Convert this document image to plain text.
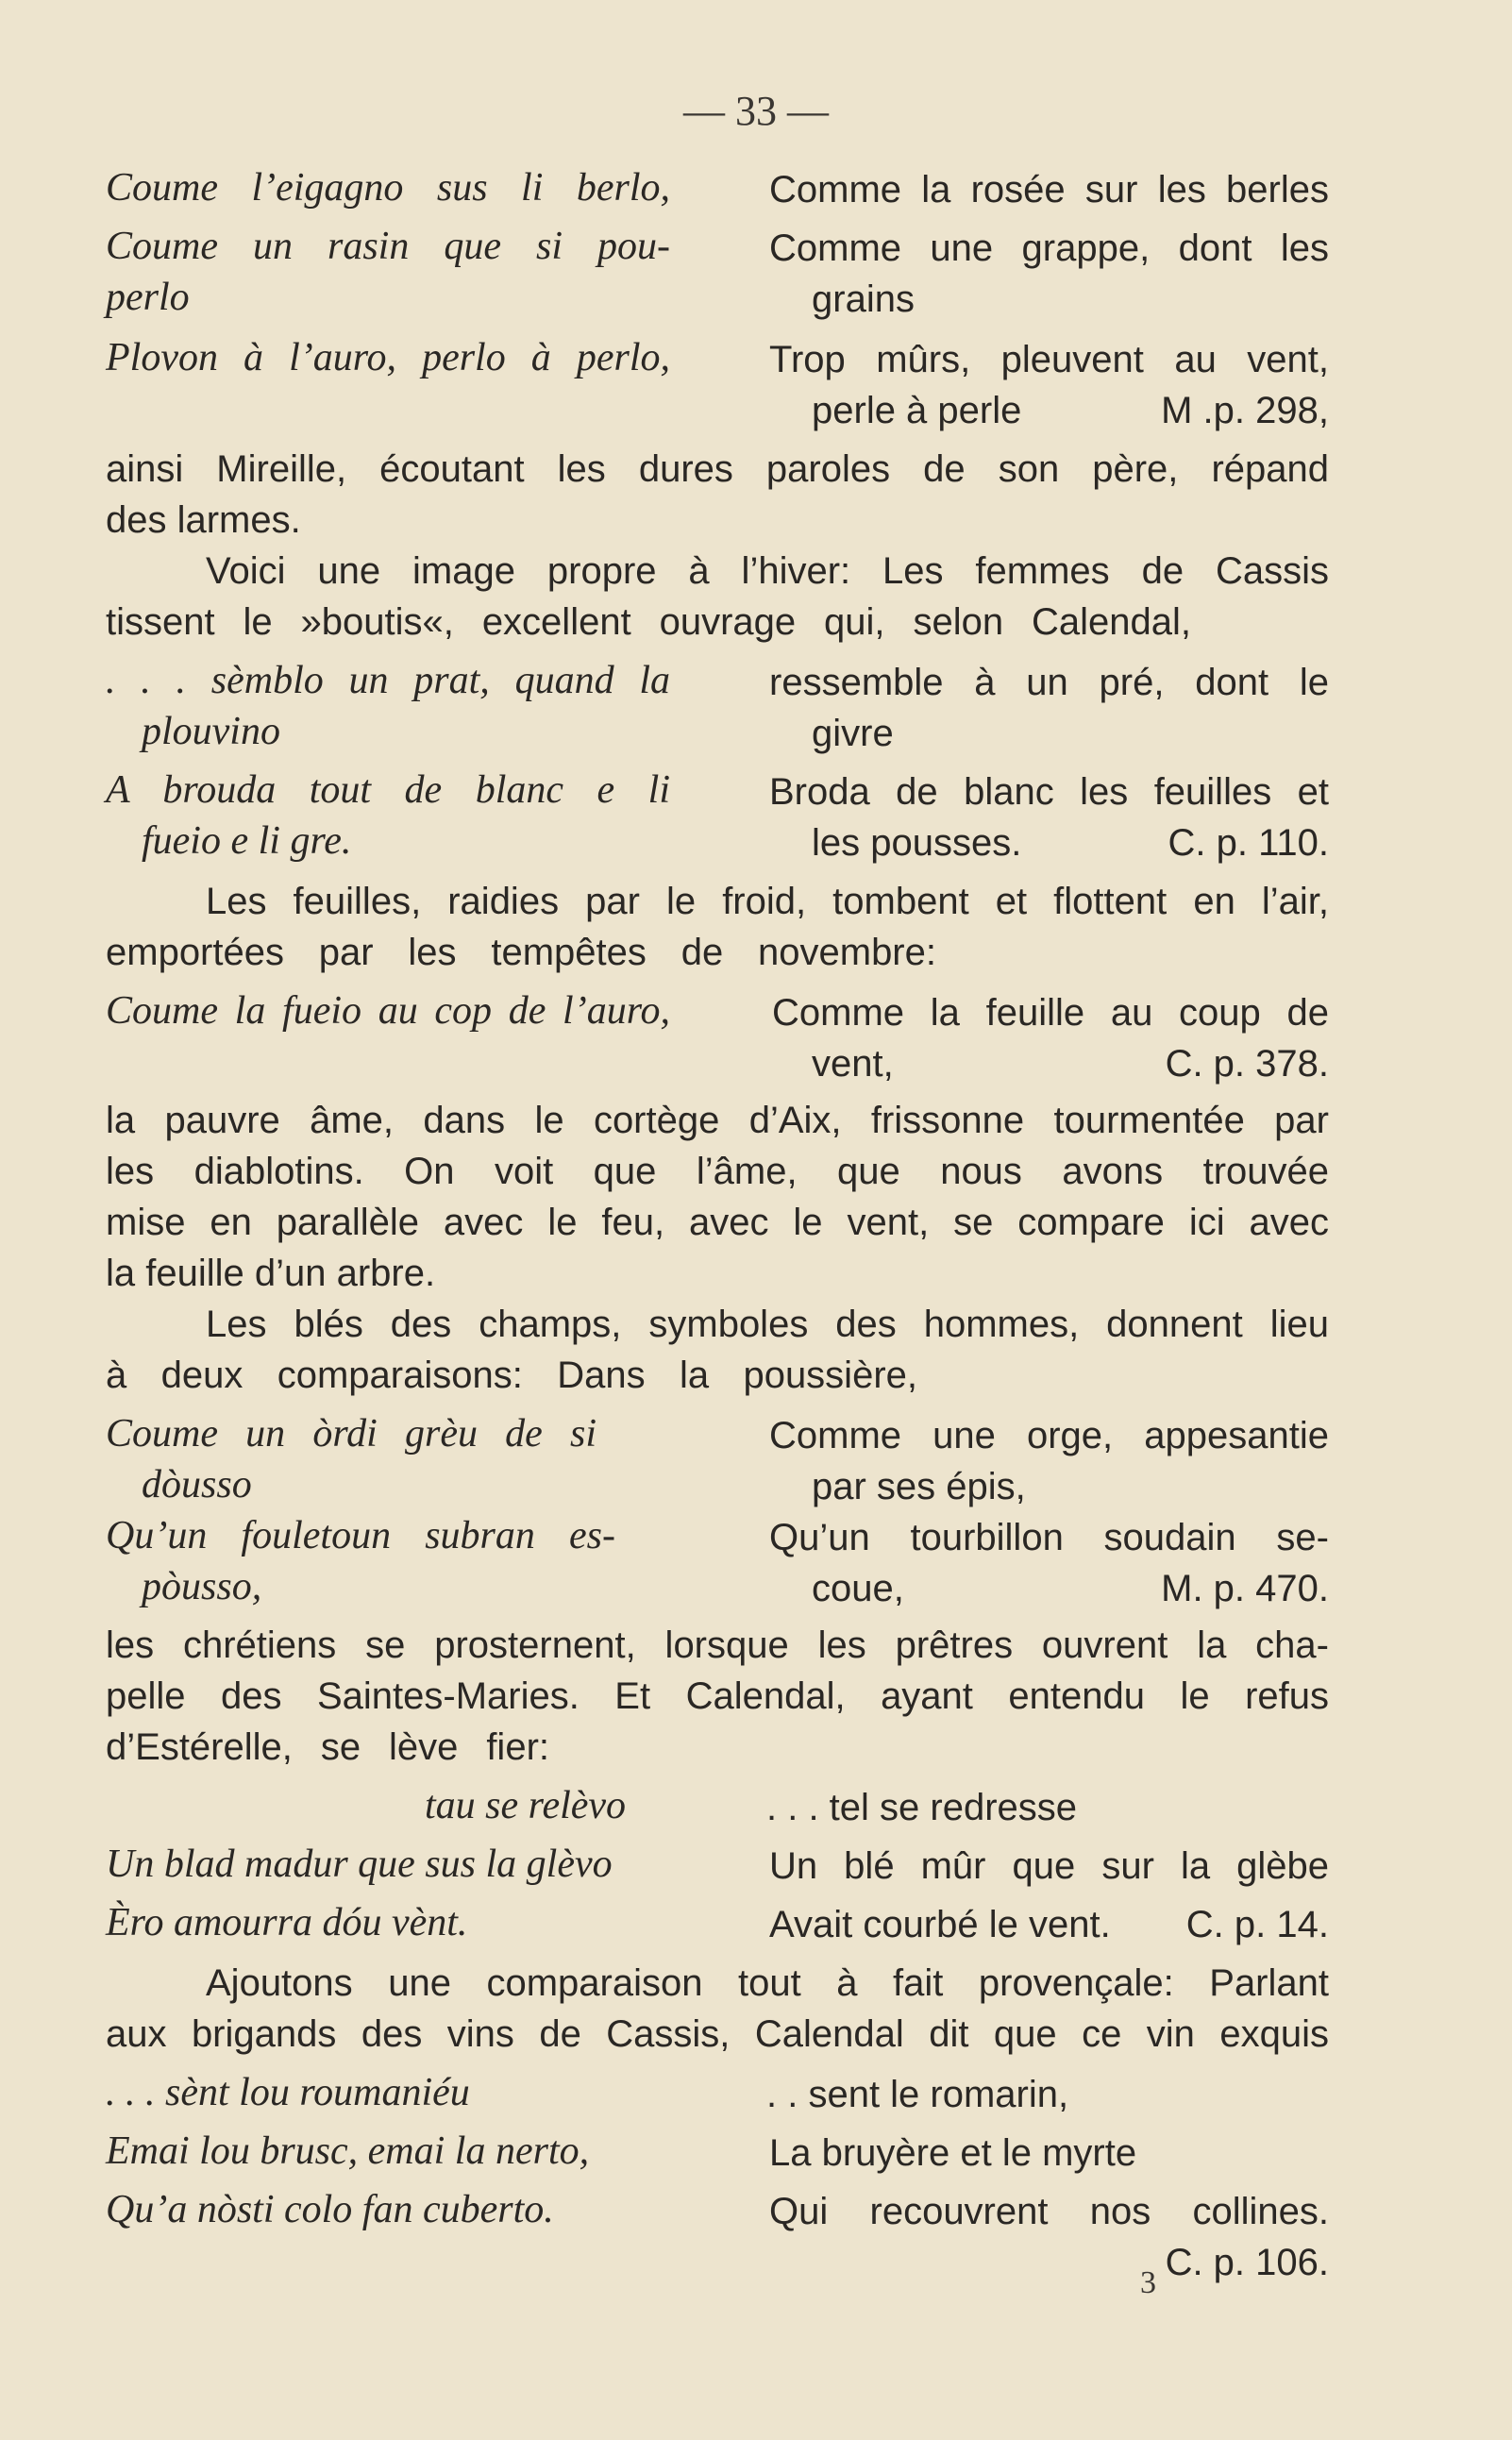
— 33 —
Coume l’eigagno sus li berlo,	Comme la rosée sur les berles
Coume un rasin que si pou-	Comme une grappe, dont les
perlo	grains
Plovon à l’auro, perlo à perlo,	Trop mûrs, pleuvent au vent,
perle à perle	M .p. 298,
ainsi Mireille, écoutant les dures paroles de son père, répand
des larmes.
Voici une image propre à l’hiver: Les femmes de Cassis
tissent le »boutis«, excellent ouvrage qui, selon Calendal,
. . . sèmblo un prat, quand la	ressemble à un pré, dont le
plouvino	givre
A brouda tout de blanc e li	Broda de blanc les feuilles et
fueio e li gre.	les pousses.	C. p. 110.
Les feuilles, raidies par le froid, tombent et flottent en l’air,
emportées par les tempêtes de novembre:
Coume la fueio au cop de l’auro,	Comme la feuille au coup de
vent,	C. p. 378.
la pauvre âme, dans le cortège d’Aix, frissonne tourmentée par
les diablotins. On voit que l’âme, que nous avons trouvée
mise en parallèle avec le feu, avec le vent, se compare ici avec
la feuille d’un arbre.
Les blés des champs, symboles des hommes, donnent lieu
à deux comparaisons: Dans la poussière,
Coume un òrdi grèu de si	Comme une orge, appesantie
dòusso	par ses épis,
Qu’un fouletoun subran es-	Qu’un tourbillon soudain se-
pòusso,	coue,	M. p. 470.
les chrétiens se prosternent, lorsque les prêtres ouvrent la cha-
pelle des Saintes-Maries. Et Calendal, ayant entendu le refus
d’Estérelle, se lève fier:
tau se relèvo	. . . tel se redresse
Un blad madur que sus la glèvo	Un blé mûr que sur la glèbe
Èro amourra dóu vènt.	Avait courbé le vent. C. p. 14.
Ajoutons une comparaison tout à fait provençale: Parlant
aux brigands des vins de Cassis, Calendal dit que ce vin exquis
. . . sènt lou roumaniéu	. . sent le romarin,
Emai lou brusc, emai la nerto,	La bruyère et le myrte
Qu’a nòsti colo fan cuberto.	Qui recouvrent nos collines.
C. p. 106.
3
